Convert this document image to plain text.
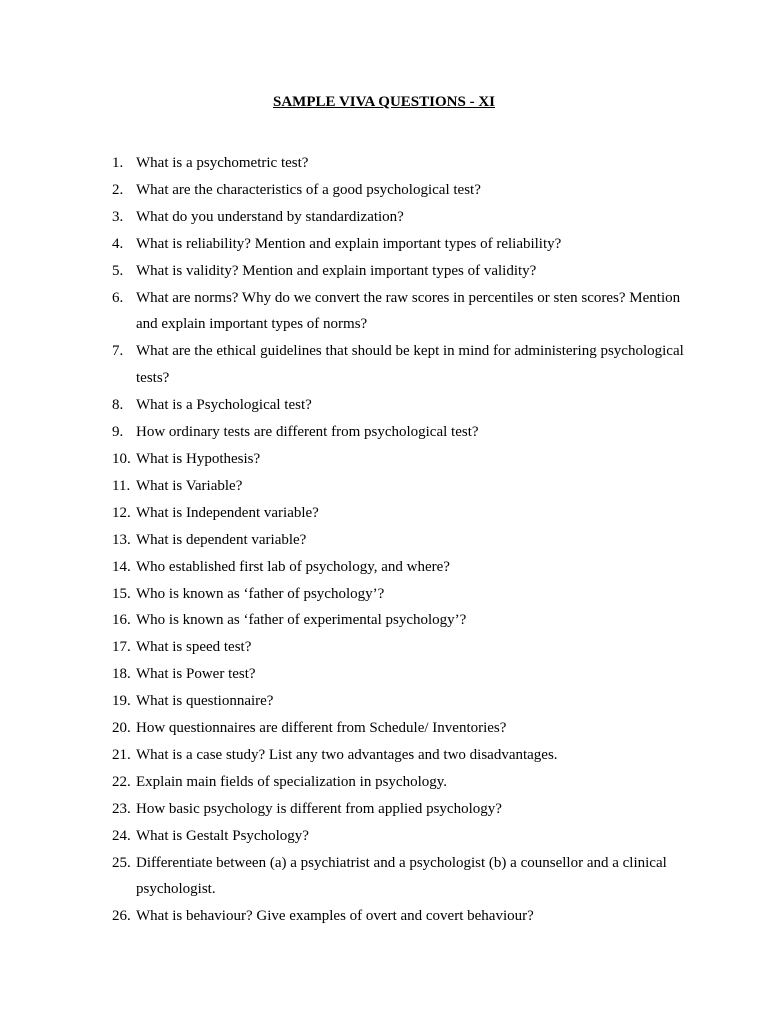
SAMPLE VIVA QUESTIONS - XI
1. What is a psychometric test?
2. What are the characteristics of a good psychological test?
3. What do you understand by standardization?
4. What is reliability? Mention and explain important types of reliability?
5. What is validity? Mention and explain important types of validity?
6. What are norms? Why do we convert the raw scores in percentiles or sten scores? Mention and explain important types of norms?
7. What are the ethical guidelines that should be kept in mind for administering psychological tests?
8. What is a Psychological test?
9. How ordinary tests are different from psychological test?
10. What is Hypothesis?
11. What is Variable?
12. What is Independent variable?
13. What is dependent variable?
14. Who established first lab of psychology, and where?
15. Who is known as ‘father of psychology’?
16. Who is known as ‘father of experimental psychology’?
17. What is speed test?
18. What is Power test?
19. What is questionnaire?
20. How questionnaires are different from Schedule/ Inventories?
21. What is a case study? List any two advantages and two disadvantages.
22. Explain main fields of specialization in psychology.
23. How basic psychology is different from applied psychology?
24. What is Gestalt Psychology?
25. Differentiate between (a) a psychiatrist and a psychologist (b) a counsellor and a clinical psychologist.
26. What is behaviour? Give examples of overt and covert behaviour?
